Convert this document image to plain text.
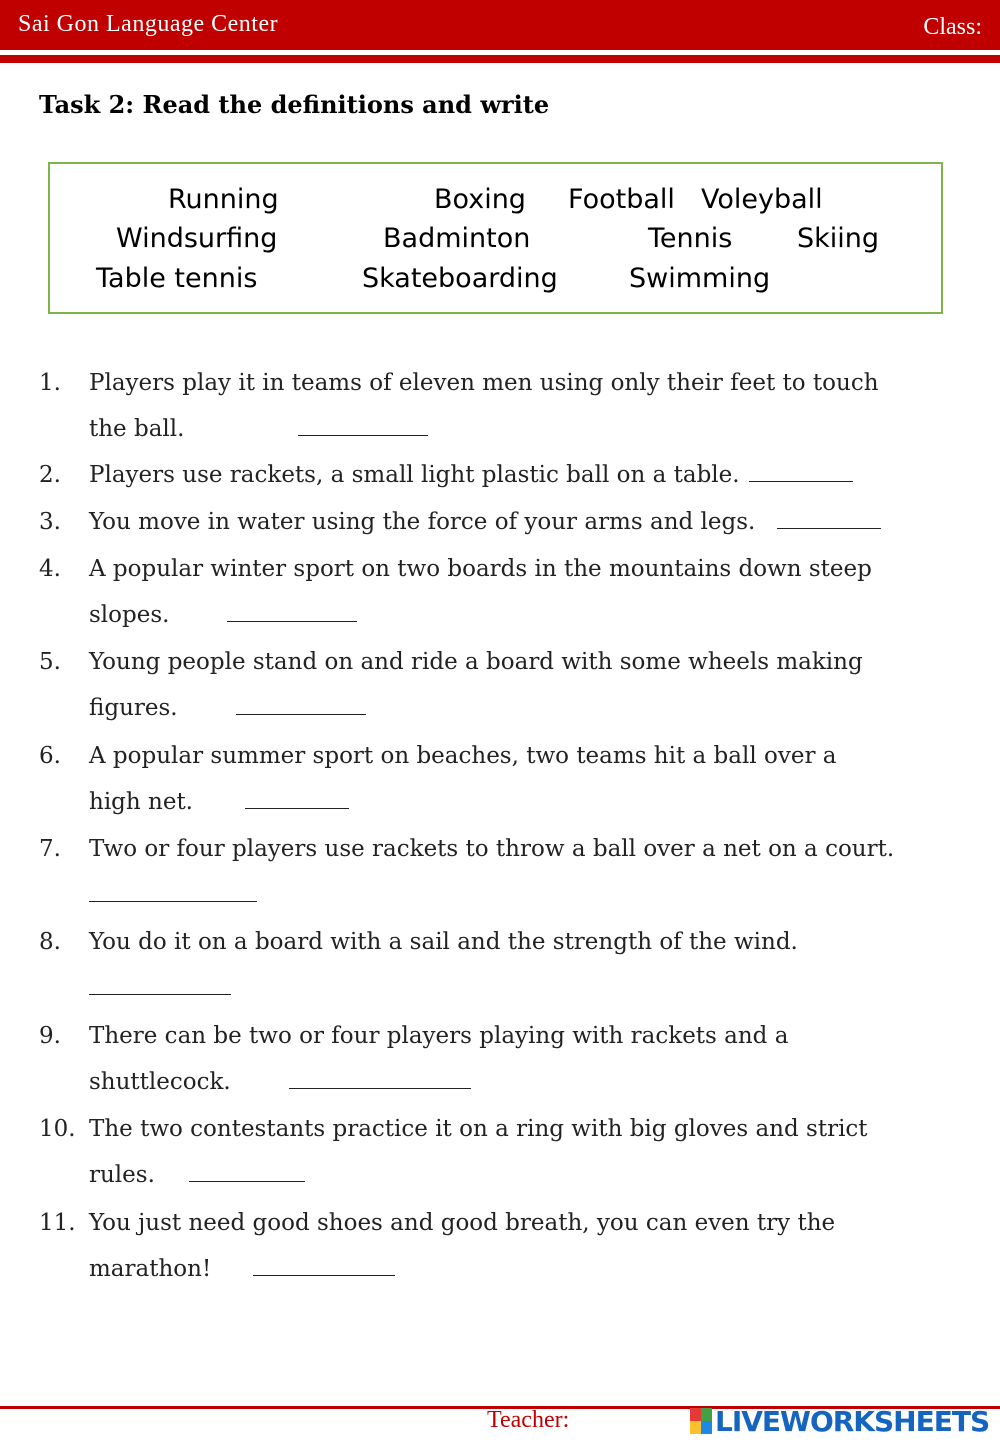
Sai Gon Language Center	Class:
Task 2: Read the definitions and write
Running	Boxing Football Voleyball
Windsurfing	Badminton	Tennis Skiing
Table tennis	Skateboarding	Swimming
1.	Players play it in teams of eleven men using only their feet to touch
the ball.
2.	Players use rackets, a small light plastic ball on a table.
3.	You move in water using the force of your arms and legs.
4.	A popular winter sport on two boards in the mountains down steep
slopes.
5.	Young people stand on and ride a board with some wheels making
figures.
6.	A popular summer sport on beaches, two teams hit a ball over a
high net.
7.	Two or four players use rackets to throw a ball over a net on a court.
8.	You do it on a board with a sail and the strength of the wind.
9.	There can be two or four players playing with rackets and a
shuttlecock.
10. The two contestants practice it on a ring with big gloves and strict
rules.
11. You just need good shoes and good breath, you can even try the
marathon!
Teacher:	LIVEWORKSHEETS
